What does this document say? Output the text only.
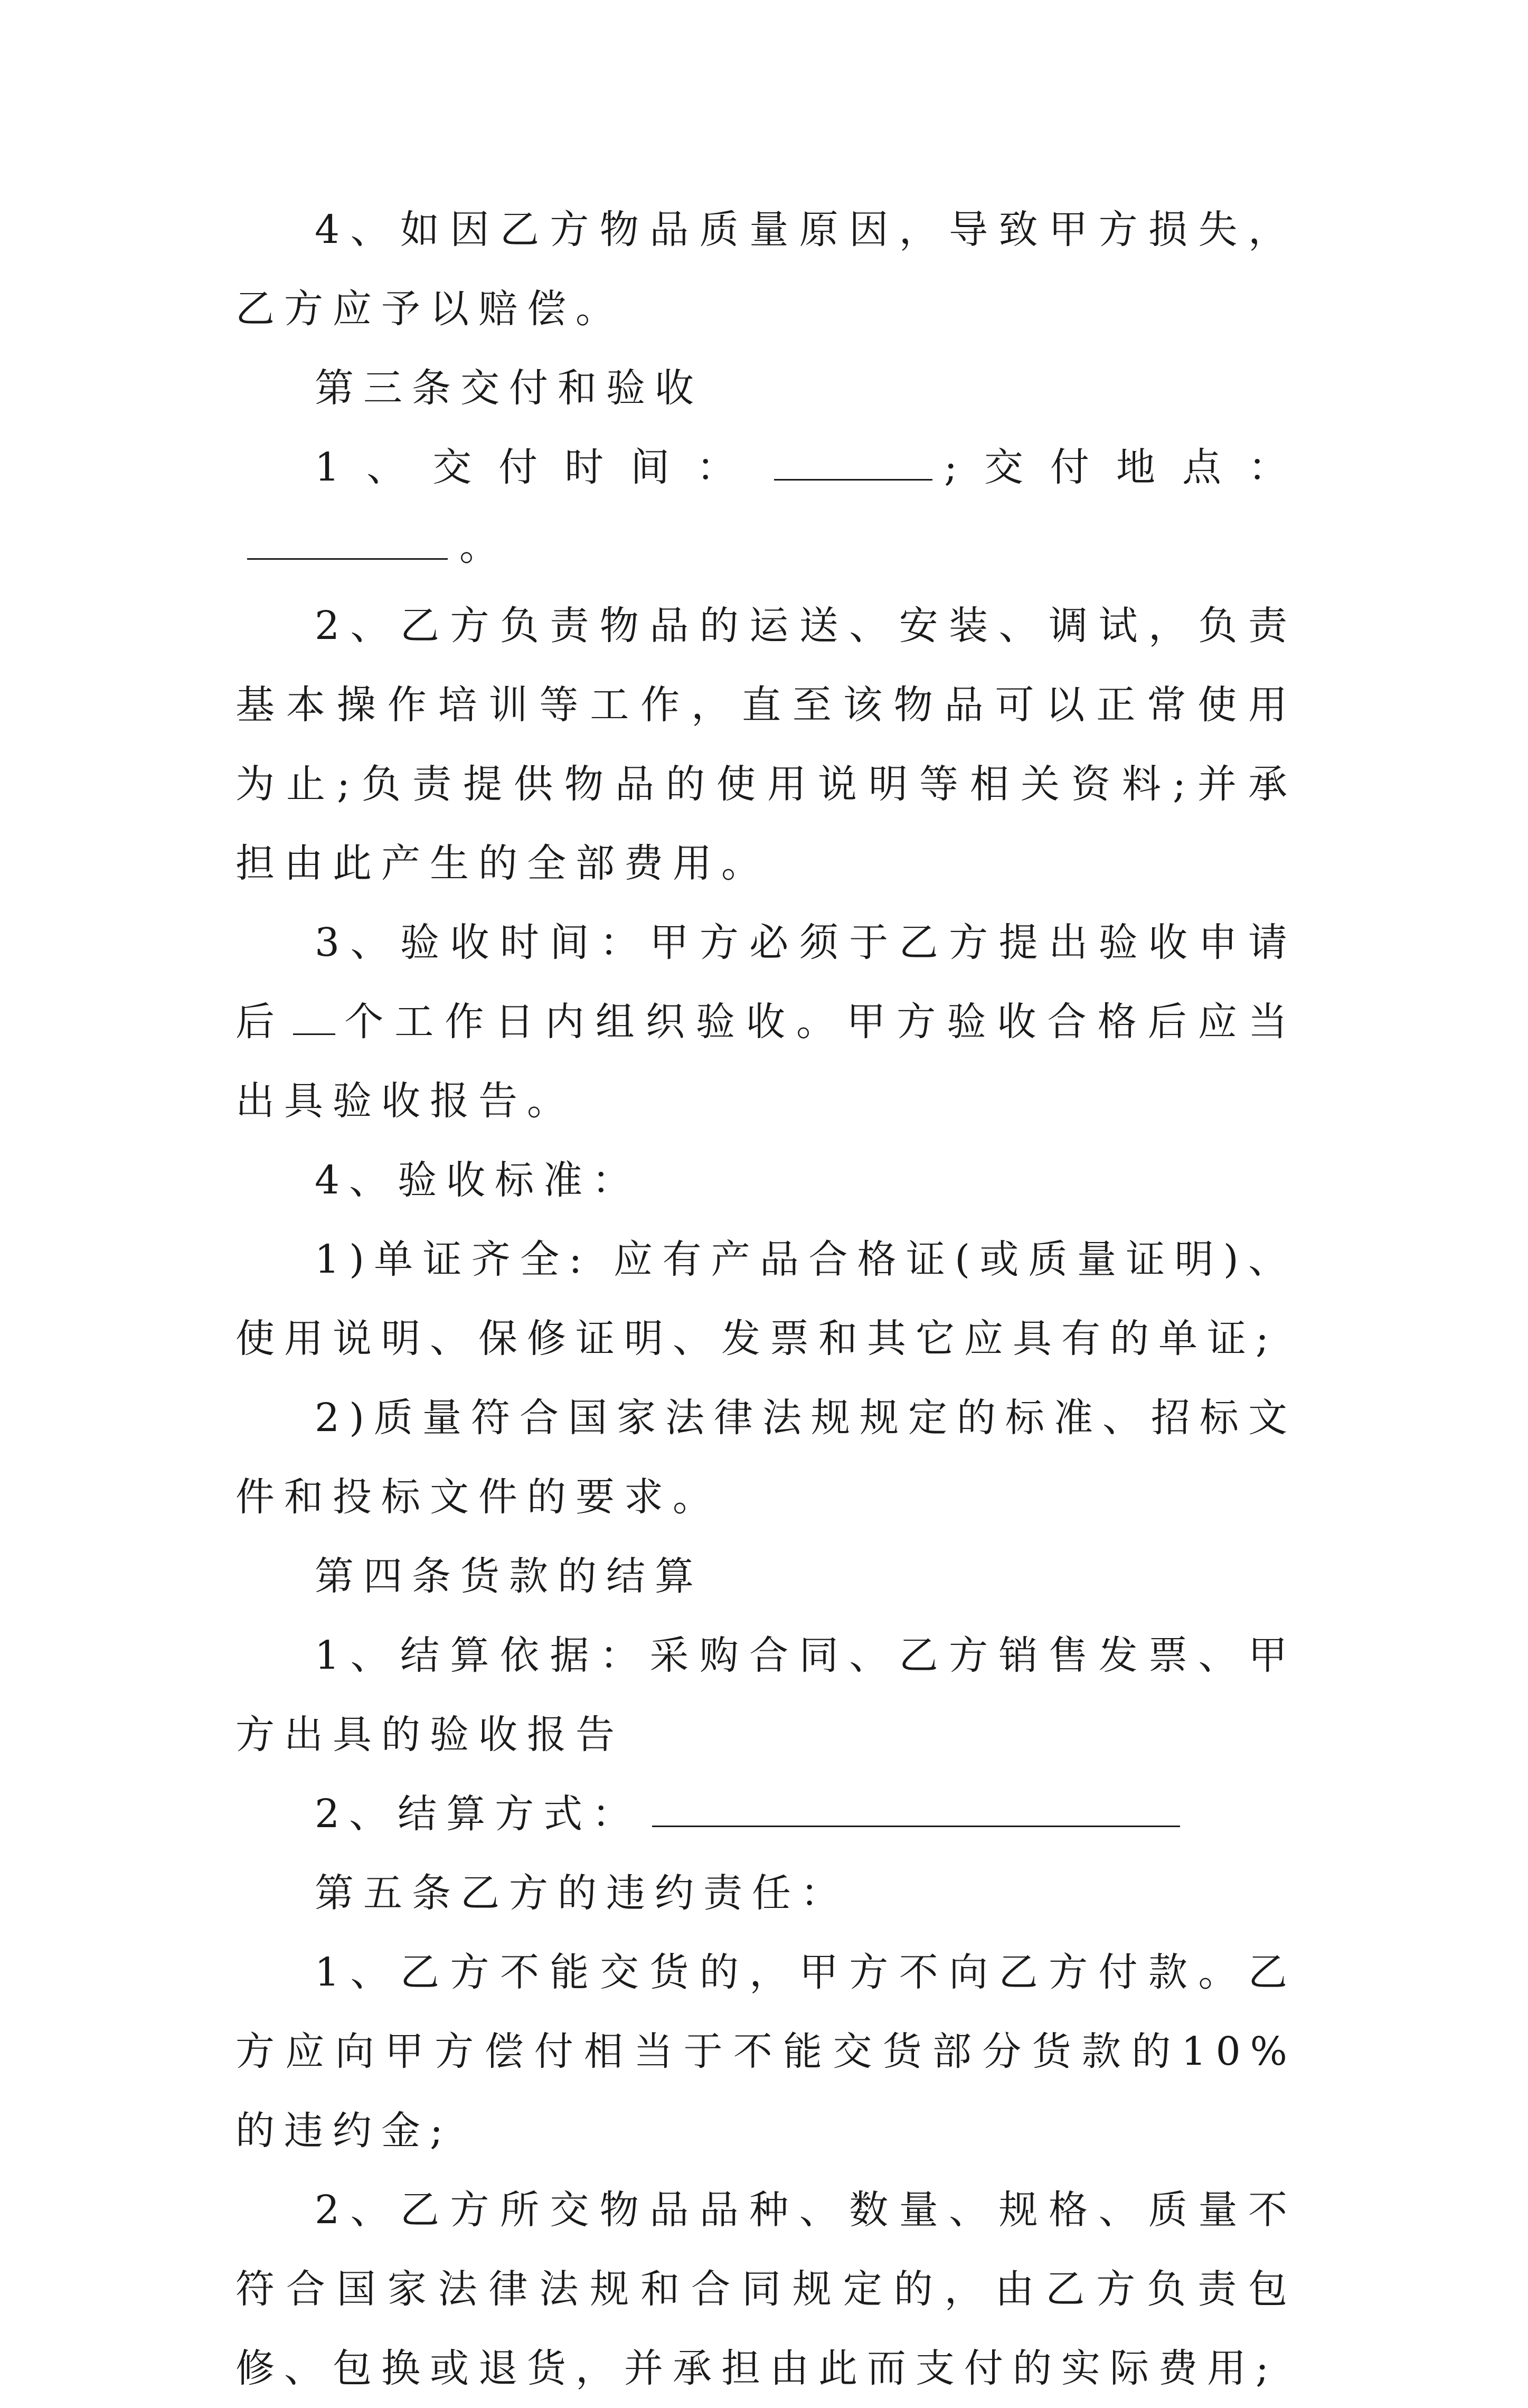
4、如因乙方物品质量原因，导致甲方损失，乙方应予以赔偿。

第三条交付和验收

1、交付时间：	;交付地点：。

2、乙方负责物品的运送、安装、调试，负责基本操作培训等工作，直至该物品可以正常使用为止;负责提供物品的使用说明等相关资料;并承担由此产生的全部费用。

3、验收时间：甲方必须于乙方提出验收申请后 个工作日内组织验收。甲方验收合格后应当出具验收报告。

4、验收标准：

1)单证齐全: 应有产品合格证(或质量证明)、使用说明、保修证明、发票和其它应具有的单证;

2)质量符合国家法律法规规定的标准、招标文件和投标文件的要求。

第四条货款的结算

1、结算依据：采购合同、乙方销售发票、甲方出具的验收报告

2、结算方式：

第五条乙方的违约责任：

1、乙方不能交货的，甲方不向乙方付款。乙方应向甲方偿付相当于不能交货部分货款的10%的违约金;

2、乙方所交物品品种、数量、规格、质量不符合国家法律法规和合同规定的，由乙方负责包修、包换或退货，并承担由此而支付的实际费用;
